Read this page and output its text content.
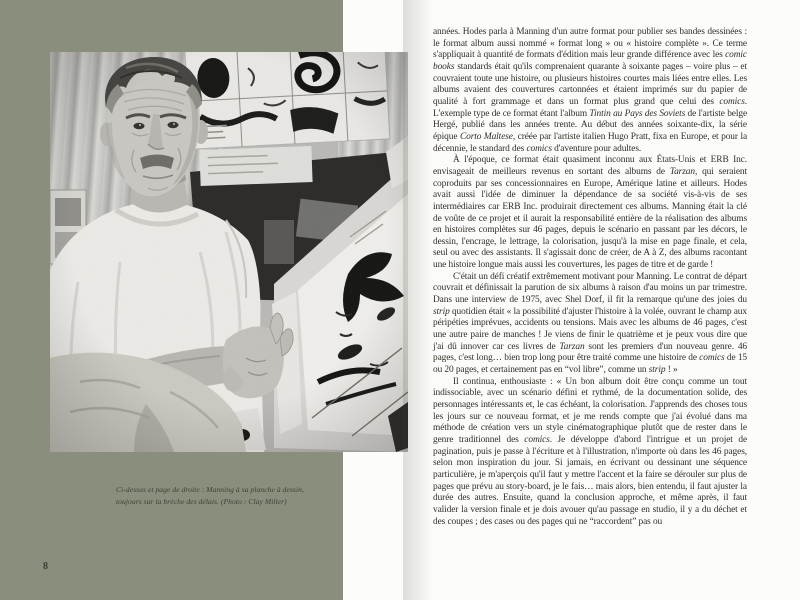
Ci-dessus et page de droite : Manning à sa planche à dessin,
toujours sur la brèche des délais. (Photo : Clay Miller)
8

années. Hodes parla à Manning d'un autre format pour publier ses bandes dessinées : le format album aussi nommé « format long » ou « histoire complète ». Ce terme s'appliquait à quantité de formats d'édition mais leur grande différence avec les comic books standards était qu'ils comprenaient quarante à soixante pages – voire plus – et couvraient toute une histoire, ou plusieurs histoires courtes mais liées entre elles. Les albums avaient des couvertures cartonnées et étaient imprimés sur du papier de qualité à fort grammage et dans un format plus grand que celui des comics. L'exemple type de ce format étant l'album Tintin au Pays des Soviets de l'artiste belge Hergé, publié dans les années trente. Au début des années soixante-dix, la série épique Corto Maltese, créée par l'artiste italien Hugo Pratt, fixa en Europe, et pour la décennie, le standard des comics d'aventure pour adultes.

À l'époque, ce format était quasiment inconnu aux États-Unis et ERB Inc. envisageait de meilleurs revenus en sortant des albums de Tarzan, qui seraient coproduits par ses concessionnaires en Europe, Amérique latine et ailleurs. Hodes avait aussi l'idée de diminuer la dépendance de sa société vis-à-vis de ses intermédiaires car ERB Inc. produirait directement ces albums. Manning était la clé de voûte de ce projet et il aurait la responsabilité entière de la réalisation des albums en histoires complètes sur 46 pages, depuis le scénario en passant par les décors, le dessin, l'encrage, le lettrage, la colorisation, jusqu'à la mise en page finale, et cela, seul ou avec des assistants. Il s'agissait donc de créer, de A à Z, des albums racontant une histoire longue mais aussi les couvertures, les pages de titre et de garde !

C'était un défi créatif extrêmement motivant pour Manning. Le contrat de départ couvrait et définissait la parution de six albums à raison d'au moins un par trimestre. Dans une interview de 1975, avec Shel Dorf, il fit la remarque qu'une des joies du strip quotidien était « la possibilité d'ajuster l'histoire à la volée, ouvrant le champ aux péripéties imprévues, accidents ou tensions. Mais avec les albums de 46 pages, c'est une autre paire de manches ! Je viens de finir le quatrième et je peux vous dire que j'ai dû innover car ces livres de Tarzan sont les premiers d'un nouveau genre. 46 pages, c'est long… bien trop long pour être traité comme une histoire de comics de 15 ou 20 pages, et certainement pas en “vol libre”, comme un strip ! »

Il continua, enthousiaste : « Un bon album doit être conçu comme un tout indissociable, avec un scénario défini et rythmé, de la documentation solide, des personnages intéressants et, le cas échéant, la colorisation. J'apprends des choses tous les jours sur ce nouveau format, et je me rends compte que j'ai évolué dans ma méthode de création vers un style cinématographique plutôt que de rester dans le genre traditionnel des comics. Je développe d'abord l'intrigue et un projet de pagination, puis je passe à l'écriture et à l'illustration, n'importe où dans les 46 pages, selon mon inspiration du jour. Si jamais, en écrivant ou dessinant une séquence particulière, je m'aperçois qu'il faut y mettre l'accent et la faire se dérouler sur plus de pages que prévu au story-board, je le fais… mais alors, bien entendu, il faut ajuster la durée des autres. Ensuite, quand la conclusion approche, et même après, il faut valider la version finale et je dois avouer qu'au passage en studio, il y a du déchet et des coupes ; des cases ou des pages qui ne “raccordent” pas ou
